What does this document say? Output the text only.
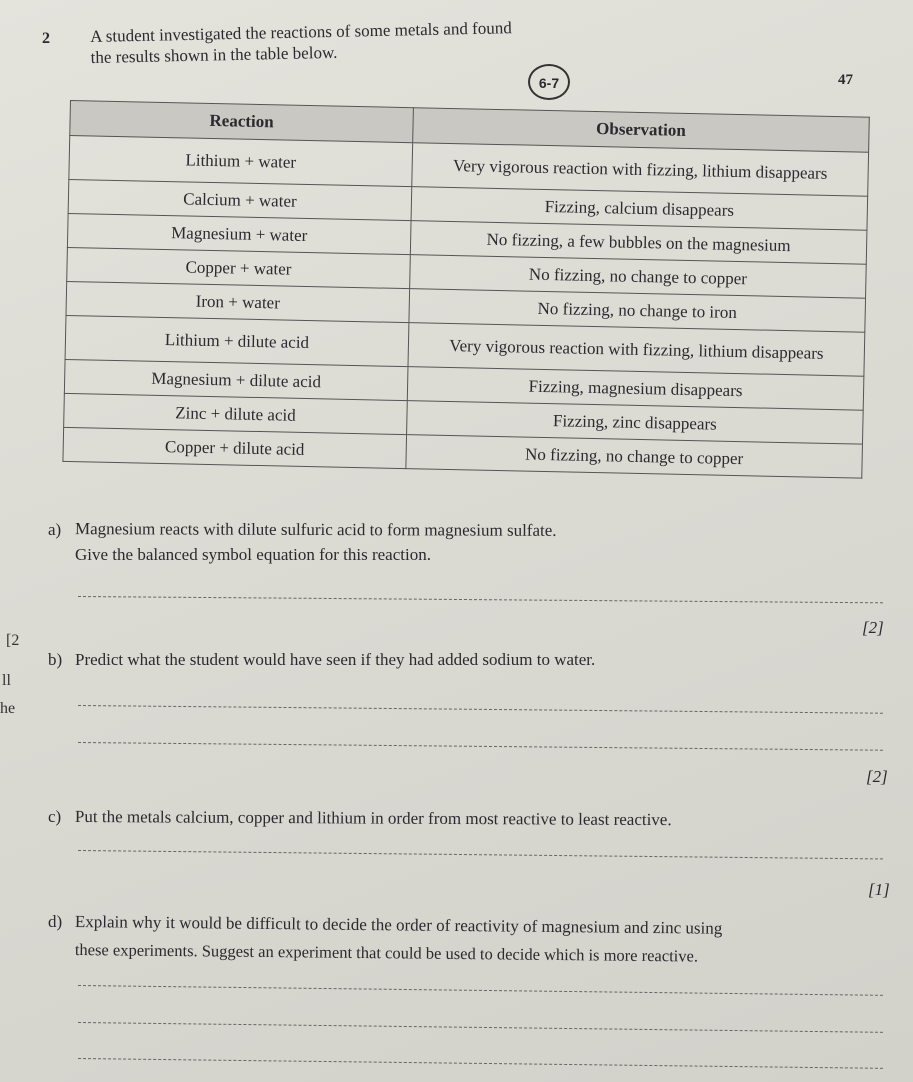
2 A student investigated the reactions of some metals and found the results shown in the table below.
6-7	47
Reaction	Observation
Lithium + water	Very vigorous reaction with fizzing, lithium disappears
Calcium + water	Fizzing, calcium disappears
Magnesium + water	No fizzing, a few bubbles on the magnesium
Copper + water	No fizzing, no change to copper
Iron + water	No fizzing, no change to iron
Lithium + dilute acid	Very vigorous reaction with fizzing, lithium disappears
Magnesium + dilute acid	Fizzing, magnesium disappears
Zinc + dilute acid	Fizzing, zinc disappears
Copper + dilute acid	No fizzing, no change to copper
a) Magnesium reacts with dilute sulfuric acid to form magnesium sulfate.
Give the balanced symbol equation for this reaction.
[2]
[2
ll
he
b) Predict what the student would have seen if they had added sodium to water.
[2]
c) Put the metals calcium, copper and lithium in order from most reactive to least reactive.
[1]
d) Explain why it would be difficult to decide the order of reactivity of magnesium and zinc using
these experiments. Suggest an experiment that could be used to decide which is more reactive.
